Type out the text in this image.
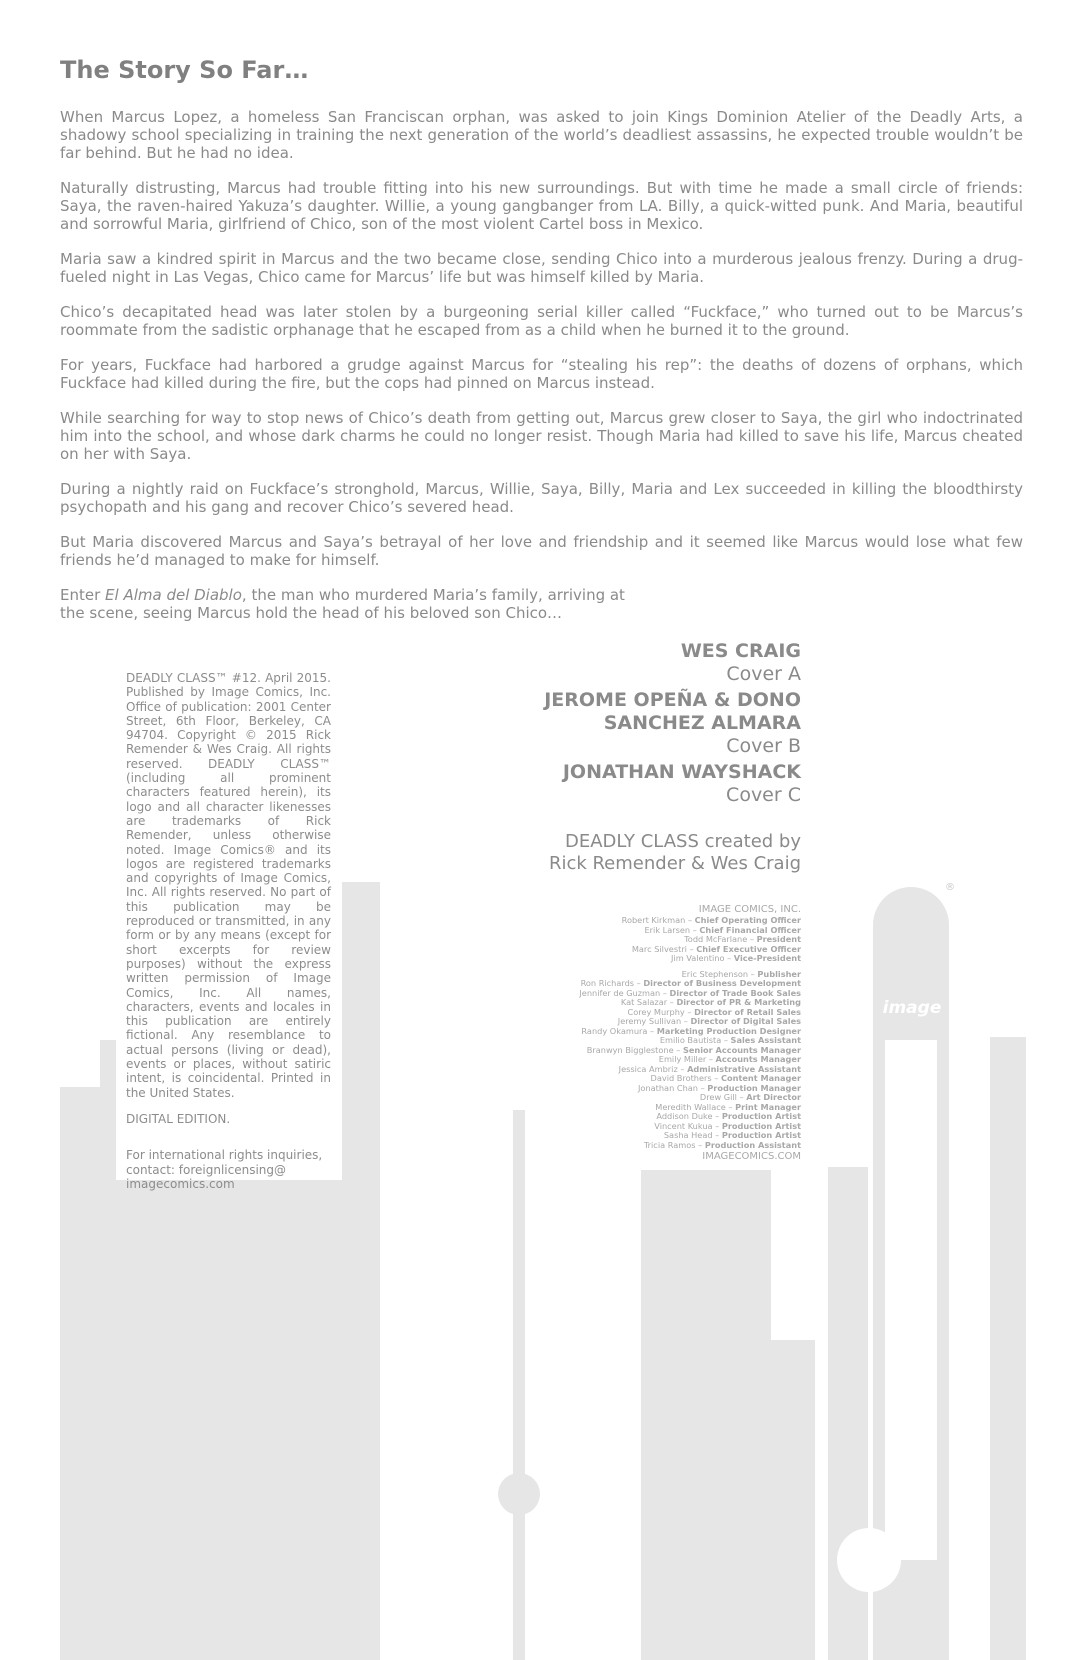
The Story So Far…

When Marcus Lopez, a homeless San Franciscan orphan, was asked to join Kings Dominion Atelier of the Deadly Arts, a shadowy school specializing in training the next generation of the world’s deadliest assassins, he expected trouble wouldn’t be far behind. But he had no idea.

Naturally distrusting, Marcus had trouble fitting into his new surroundings. But with time he made a small circle of friends: Saya, the raven-haired Yakuza’s daughter. Willie, a young gangbanger from LA. Billy, a quick-witted punk. And Maria, beautiful and sorrowful Maria, girlfriend of Chico, son of the most violent Cartel boss in Mexico.

Maria saw a kindred spirit in Marcus and the two became close, sending Chico into a murderous jealous frenzy. During a drug-fueled night in Las Vegas, Chico came for Marcus’ life but was himself killed by Maria.

Chico’s decapitated head was later stolen by a burgeoning serial killer called “Fuckface,” who turned out to be Marcus’s roommate from the sadistic orphanage that he escaped from as a child when he burned it to the ground.

For years, Fuckface had harbored a grudge against Marcus for “stealing his rep”: the deaths of dozens of orphans, which Fuckface had killed during the fire, but the cops had pinned on Marcus instead.

While searching for way to stop news of Chico’s death from getting out, Marcus grew closer to Saya, the girl who indoctrinated him into the school, and whose dark charms he could no longer resist. Though Maria had killed to save his life, Marcus cheated on her with Saya.

During a nightly raid on Fuckface’s stronghold, Marcus, Willie, Saya, Billy, Maria and Lex succeeded in killing the bloodthirsty psychopath and his gang and recover Chico’s severed head.

But Maria discovered Marcus and Saya’s betrayal of her love and friendship and it seemed like Marcus would lose what few friends he’d managed to make for himself.

Enter El Alma del Diablo, the man who murdered Maria’s family, arriving at the scene, seeing Marcus hold the head of his beloved son Chico…

DEADLY CLASS™ #12. April 2015. Published by Image Comics, Inc. Office of publication: 2001 Center Street, 6th Floor, Berkeley, CA 94704. Copyright © 2015 Rick Remender & Wes Craig. All rights reserved. DEADLY CLASS™ (including all prominent characters featured herein), its logo and all character likenesses are trademarks of Rick Remender, unless otherwise noted. Image Comics® and its logos are registered trademarks and copyrights of Image Comics, Inc. All rights reserved. No part of this publication may be reproduced or transmitted, in any form or by any means (except for short excerpts for review purposes) without the express written permission of Image Comics, Inc. All names, characters, events and locales in this publication are entirely fictional. Any resemblance to actual persons (living or dead), events or places, without satiric intent, is coincidental. Printed in the United States.

DIGITAL EDITION.

For international rights inquiries, contact: foreignlicensing@ imagecomics.com

WES CRAIG
Cover A
JEROME OPEÑA & DONO SANCHEZ ALMARA
Cover B
JONATHAN WAYSHACK
Cover C
DEADLY CLASS created by
Rick Remender & Wes Craig
IMAGE COMICS, INC.
Robert Kirkman – Chief Operating Officer
Erik Larsen – Chief Financial Officer
Todd McFarlane – President
Marc Silvestri – Chief Executive Officer
Jim Valentino – Vice-President
Eric Stephenson – Publisher
Ron Richards – Director of Business Development
Jennifer de Guzman – Director of Trade Book Sales
Kat Salazar – Director of PR & Marketing
Corey Murphy – Director of Retail Sales
Jeremy Sullivan – Director of Digital Sales
Randy Okamura – Marketing Production Designer
Emilio Bautista – Sales Assistant
Branwyn Bigglestone – Senior Accounts Manager
Emily Miller – Accounts Manager
Jessica Ambriz – Administrative Assistant
David Brothers – Content Manager
Jonathan Chan – Production Manager
Drew Gill – Art Director
Meredith Wallace – Print Manager
Addison Duke – Production Artist
Vincent Kukua – Production Artist
Sasha Head – Production Artist
Tricia Ramos – Production Assistant
IMAGECOMICS.COM
image
®
